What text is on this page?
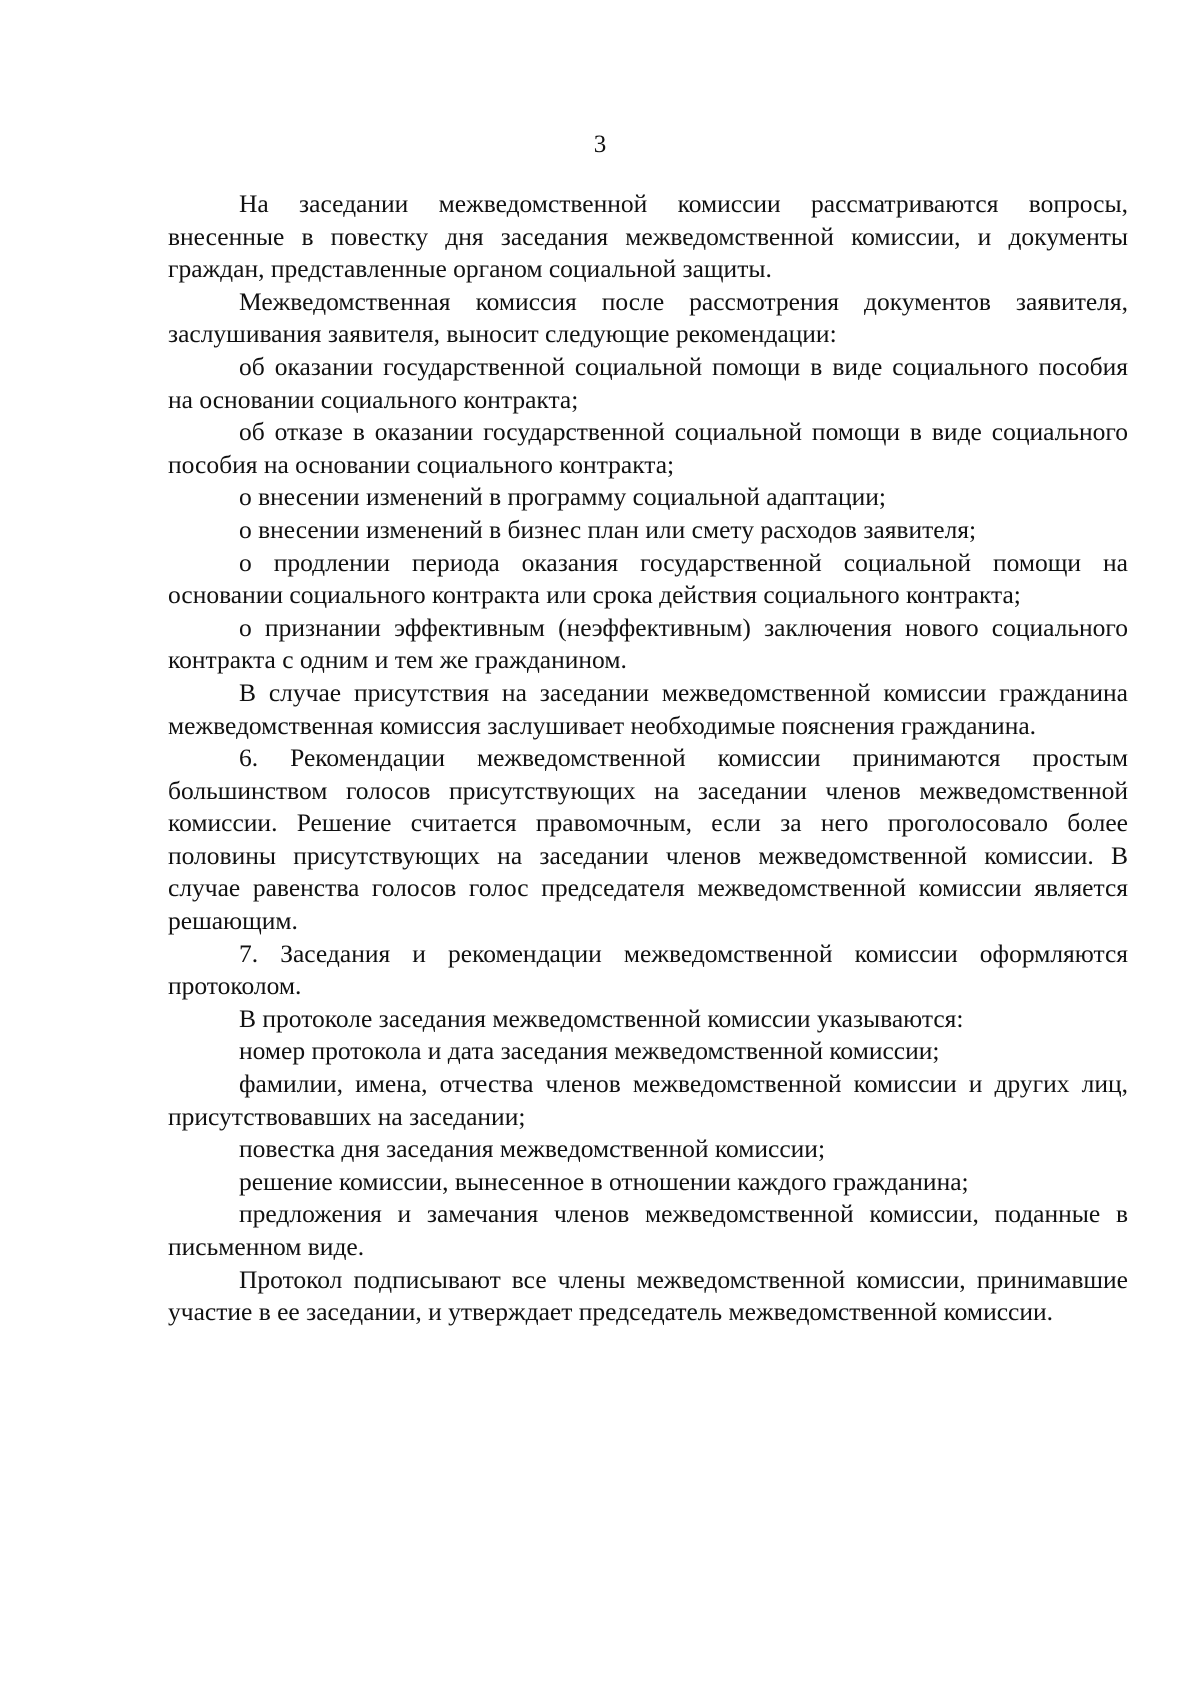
3

На заседании межведомственной комиссии рассматриваются вопросы, внесенные в повестку дня заседания межведомственной комиссии, и документы граждан, представленные органом социальной защиты.

Межведомственная комиссия после рассмотрения документов заявителя, заслушивания заявителя, выносит следующие рекомендации:

об оказании государственной социальной помощи в виде социального пособия на основании социального контракта;

об отказе в оказании государственной социальной помощи в виде социального пособия на основании социального контракта;

о внесении изменений в программу социальной адаптации;

о внесении изменений в бизнес план или смету расходов заявителя;

о продлении периода оказания государственной социальной помощи на основании социального контракта или срока действия социального контракта;

о признании эффективным (неэффективным) заключения нового социального контракта с одним и тем же гражданином.

В случае присутствия на заседании межведомственной комиссии гражданина межведомственная комиссия заслушивает необходимые пояснения гражданина.

6. Рекомендации межведомственной комиссии принимаются простым большинством голосов присутствующих на заседании членов межведомственной комиссии. Решение считается правомочным, если за него проголосовало более половины присутствующих на заседании членов межведомственной комиссии. В случае равенства голосов голос председателя межведомственной комиссии является решающим.

7. Заседания и рекомендации межведомственной комиссии оформляются протоколом.

В протоколе заседания межведомственной комиссии указываются:

номер протокола и дата заседания межведомственной комиссии;

фамилии, имена, отчества членов межведомственной комиссии и других лиц, присутствовавших на заседании;

повестка дня заседания межведомственной комиссии;

решение комиссии, вынесенное в отношении каждого гражданина;

предложения и замечания членов межведомственной комиссии, поданные в письменном виде.

Протокол подписывают все члены межведомственной комиссии, принимавшие участие в ее заседании, и утверждает председатель межведомственной комиссии.
